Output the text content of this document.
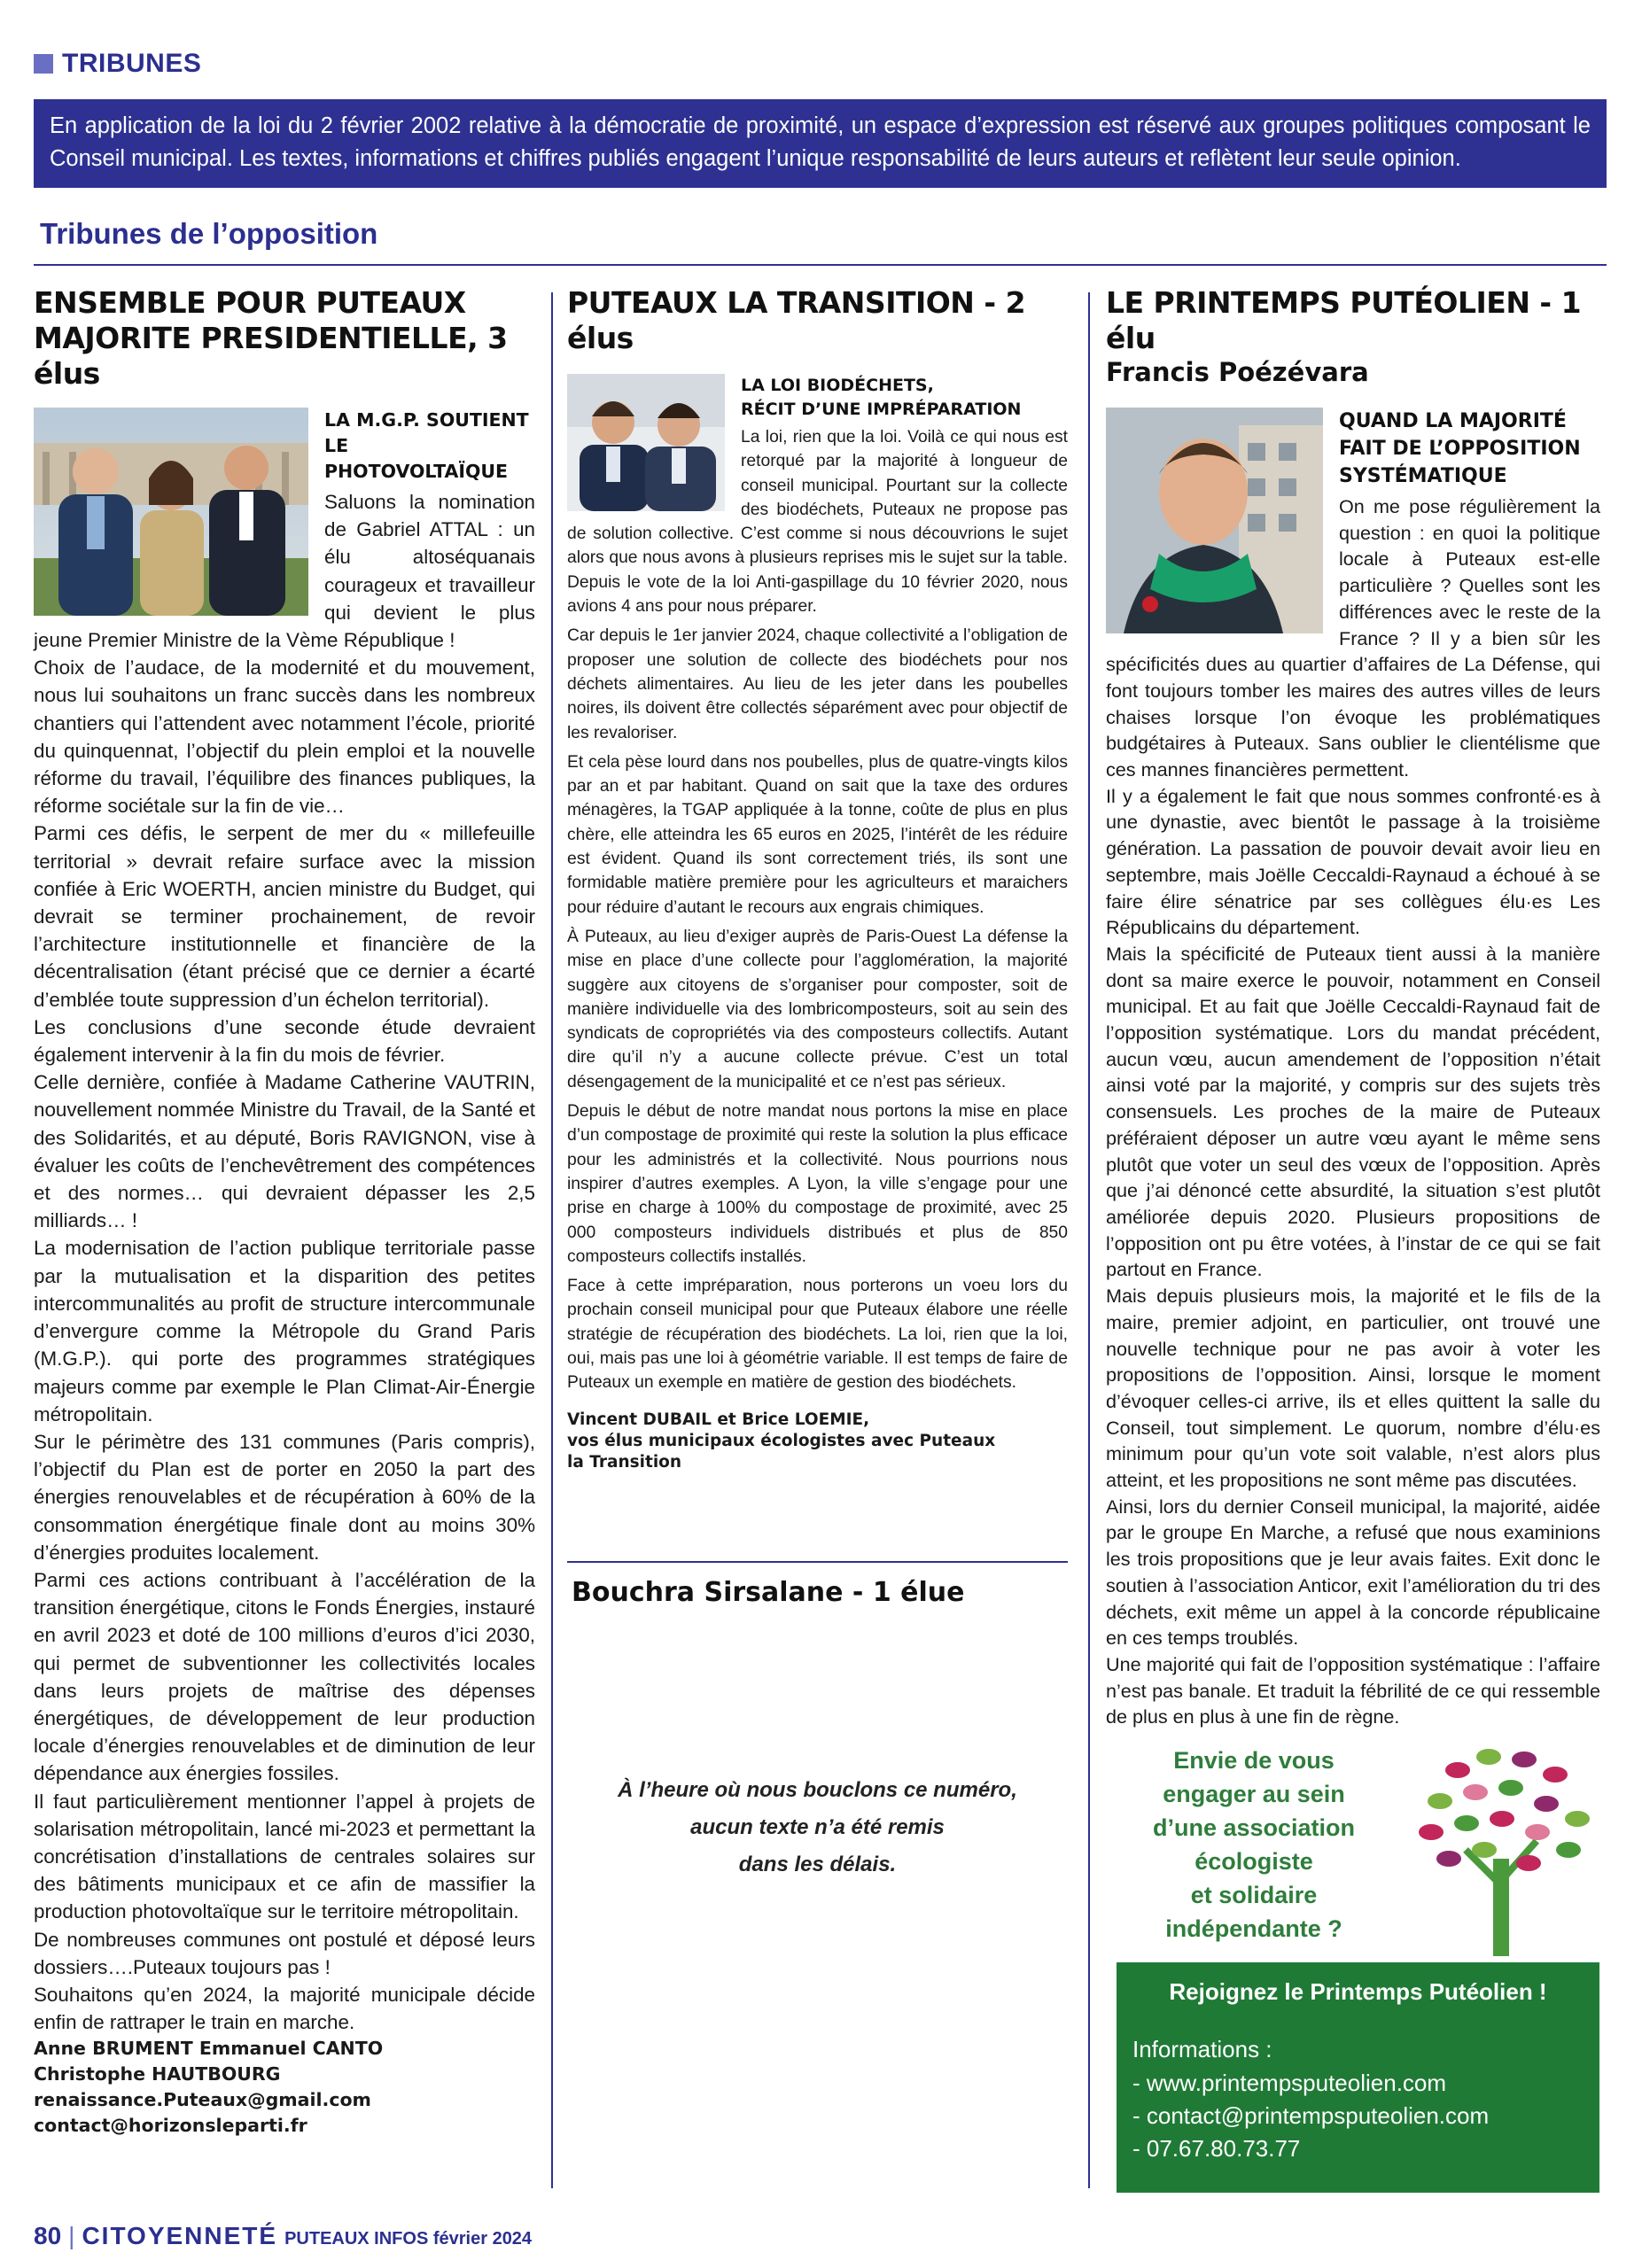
TRIBUNES
En application de la loi du 2 février 2002 relative à la démocratie de proximité, un espace d’expression est réservé aux groupes politiques composant le Conseil municipal. Les textes, informations et chiffres publiés engagent l’unique responsabilité de leurs auteurs et reflètent leur seule opinion.
Tribunes de l’opposition
ENSEMBLE POUR PUTEAUX
MAJORITE PRESIDENTIELLE, 3 élus
LA M.G.P. SOUTIENT
LE PHOTOVOLTAÏQUE

Saluons la nomination de Gabriel ATTAL : un élu altoséquanais courageux et travailleur qui devient le plus jeune Premier Ministre de la Vème République !

Choix de l’audace, de la modernité et du mouvement, nous lui souhaitons un franc succès dans les nombreux chantiers qui l’attendent avec notamment l’école, priorité du quinquennat, l’objectif du plein emploi et la nouvelle réforme du travail, l’équilibre des finances publiques, la réforme sociétale sur la fin de vie…

Parmi ces défis, le serpent de mer du « millefeuille territorial » devrait refaire surface avec la mission confiée à Eric WOERTH, ancien ministre du Budget, qui devrait se terminer prochainement, de revoir l’architecture institutionnelle et financière de la décentralisation (étant précisé que ce dernier a écarté d’emblée toute suppression d’un échelon territorial).

Les conclusions d’une seconde étude devraient également intervenir à la fin du mois de février.

Celle dernière, confiée à Madame Catherine VAUTRIN, nouvellement nommée Ministre du Travail, de la Santé et des Solidarités, et au député, Boris RAVIGNON, vise à évaluer les coûts de l’enchevêtrement des compétences et des normes… qui devraient dépasser les 2,5 milliards… !

La modernisation de l’action publique territoriale passe par la mutualisation et la disparition des petites intercommunalités au profit de structure intercommunale d’envergure comme la Métropole du Grand Paris (M.G.P.). qui porte des programmes stratégiques majeurs comme par exemple le Plan Climat-Air-Énergie métropolitain.

Sur le périmètre des 131 communes (Paris compris), l’objectif du Plan est de porter en 2050 la part des énergies renouvelables et de récupération à 60% de la consommation énergétique finale dont au moins 30% d’énergies produites localement.

Parmi ces actions contribuant à l’accélération de la transition énergétique, citons le Fonds Énergies, instauré en avril 2023 et doté de 100 millions d’euros d’ici 2030, qui permet de subventionner les collectivités locales dans leurs projets de maîtrise des dépenses énergétiques, de développement de leur production locale d’énergies renouvelables et de diminution de leur dépendance aux énergies fossiles.

Il faut particulièrement mentionner l’appel à projets de solarisation métropolitain, lancé mi-2023 et permettant la concrétisation d’installations de centrales solaires sur des bâtiments municipaux et ce afin de massifier la production photovoltaïque sur le territoire métropolitain.

De nombreuses communes ont postulé et déposé leurs dossiers….Puteaux toujours pas !

Souhaitons qu’en 2024, la majorité municipale décide enfin de rattraper le train en marche.

Anne BRUMENT Emmanuel CANTO
Christophe HAUTBOURG
renaissance.Puteaux@gmail.com
contact@horizonsleparti.fr
PUTEAUX LA TRANSITION - 2 élus
LA LOI BIODÉCHETS,
RÉCIT D’UNE IMPRÉPARATION

La loi, rien que la loi. Voilà ce qui nous est retorqué par la majorité à longueur de conseil municipal. Pourtant sur la collecte des biodéchets, Puteaux ne propose pas de solution collective. C’est comme si nous découvrions le sujet alors que nous avons à plusieurs reprises mis le sujet sur la table. Depuis le vote de la loi Anti-gaspillage du 10 février 2020, nous avions 4 ans pour nous préparer.

Car depuis le 1er janvier 2024, chaque collectivité a l’obligation de proposer une solution de collecte des biodéchets pour nos déchets alimentaires. Au lieu de les jeter dans les poubelles noires, ils doivent être collectés séparément avec pour objectif de les revaloriser.

Et cela pèse lourd dans nos poubelles, plus de quatre-vingts kilos par an et par habitant. Quand on sait que la taxe des ordures ménagères, la TGAP appliquée à la tonne, coûte de plus en plus chère, elle atteindra les 65 euros en 2025, l’intérêt de les réduire est évident. Quand ils sont correctement triés, ils sont une formidable matière première pour les agriculteurs et maraichers pour réduire d’autant le recours aux engrais chimiques.

À Puteaux, au lieu d’exiger auprès de Paris-Ouest La défense la mise en place d’une collecte pour l’agglomération, la majorité suggère aux citoyens de s’organiser pour composter, soit de manière individuelle via des lombricomposteurs, soit au sein des syndicats de copropriétés via des composteurs collectifs. Autant dire qu’il n’y a aucune collecte prévue. C’est un total désengagement de la municipalité et ce n’est pas sérieux.

Depuis le début de notre mandat nous portons la mise en place d’un compostage de proximité qui reste la solution la plus efficace pour les administrés et la collectivité. Nous pourrions nous inspirer d’autres exemples. A Lyon, la ville s’engage pour une prise en charge à 100% du compostage de proximité, avec 25 000 composteurs individuels distribués et plus de 850 composteurs collectifs installés.

Face à cette impréparation, nous porterons un voeu lors du prochain conseil municipal pour que Puteaux élabore une réelle stratégie de récupération des biodéchets. La loi, rien que la loi, oui, mais pas une loi à géométrie variable. Il est temps de faire de Puteaux un exemple en matière de gestion des biodéchets.

Vincent DUBAIL et Brice LOEMIE,
vos élus municipaux écologistes avec Puteaux
la Transition
Bouchra Sirsalane - 1 élue
À l’heure où nous bouclons ce numéro,
aucun texte n’a été remis
dans les délais.
LE PRINTEMPS PUTÉOLIEN - 1 élu
Francis Poézévara
QUAND LA MAJORITÉ
FAIT DE L’OPPOSITION
SYSTÉMATIQUE

On me pose régulièrement la question : en quoi la politique locale à Puteaux est-elle particulière ? Quelles sont les différences avec le reste de la France ? Il y a bien sûr les spécificités dues au quartier d’affaires de La Défense, qui font toujours tomber les maires des autres villes de leurs chaises lorsque l’on évoque les problématiques budgétaires à Puteaux. Sans oublier le clientélisme que ces mannes financières permettent.

Il y a également le fait que nous sommes confronté·es à une dynastie, avec bientôt le passage à la troisième génération. La passation de pouvoir devait avoir lieu en septembre, mais Joëlle Ceccaldi-Raynaud a échoué à se faire élire sénatrice par ses collègues élu·es Les Républicains du département.

Mais la spécificité de Puteaux tient aussi à la manière dont sa maire exerce le pouvoir, notamment en Conseil municipal. Et au fait que Joëlle Ceccaldi-Raynaud fait de l’opposition systématique. Lors du mandat précédent, aucun vœu, aucun amendement de l’opposition n’était ainsi voté par la majorité, y compris sur des sujets très consensuels. Les proches de la maire de Puteaux préféraient déposer un autre vœu ayant le même sens plutôt que voter un seul des vœux de l’opposition. Après que j’ai dénoncé cette absurdité, la situation s’est plutôt améliorée depuis 2020. Plusieurs propositions de l’opposition ont pu être votées, à l’instar de ce qui se fait partout en France.

Mais depuis plusieurs mois, la majorité et le fils de la maire, premier adjoint, en particulier, ont trouvé une nouvelle technique pour ne pas avoir à voter les propositions de l’opposition. Ainsi, lorsque le moment d’évoquer celles-ci arrive, ils et elles quittent la salle du Conseil, tout simplement. Le quorum, nombre d’élu·es minimum pour qu’un vote soit valable, n’est alors plus atteint, et les propositions ne sont même pas discutées.

Ainsi, lors du dernier Conseil municipal, la majorité, aidée par le groupe En Marche, a refusé que nous examinions les trois propositions que je leur avais faites. Exit donc le soutien à l’association Anticor, exit l’amélioration du tri des déchets, exit même un appel à la concorde républicaine en ces temps troublés.

Une majorité qui fait de l’opposition systématique : l’affaire n’est pas banale. Et traduit la fébrilité de ce qui ressemble de plus en plus à une fin de règne.

Envie de vous
engager au sein
d’une association
écologiste
et solidaire
indépendante ?
Rejoignez le Printemps Putéolien !
Informations :
- www.printempsputeolien.com
- contact@printempsputeolien.com
- 07.67.80.73.77
80 | CITOYENNETÉ PUTEAUX INFOS février 2024
